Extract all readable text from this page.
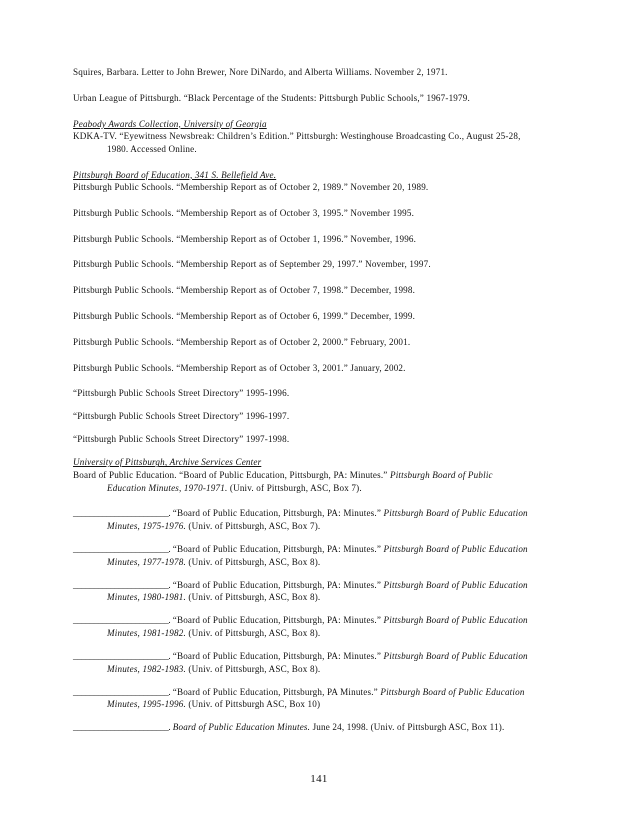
Squires, Barbara. Letter to John Brewer, Nore DiNardo, and Alberta Williams. November 2, 1971.
Urban League of Pittsburgh. “Black Percentage of the Students: Pittsburgh Public Schools,” 1967-1979.
Peabody Awards Collection, University of Georgia
KDKA-TV. “Eyewitness Newsbreak: Children’s Edition.” Pittsburgh: Westinghouse Broadcasting Co., August 25-28, 1980. Accessed Online.
Pittsburgh Board of Education, 341 S. Bellefield Ave.
Pittsburgh Public Schools. “Membership Report as of October 2, 1989.” November 20, 1989.
Pittsburgh Public Schools. “Membership Report as of October 3, 1995.” November 1995.
Pittsburgh Public Schools. “Membership Report as of October 1, 1996.” November, 1996.
Pittsburgh Public Schools. “Membership Report as of September 29, 1997.” November, 1997.
Pittsburgh Public Schools. “Membership Report as of October 7, 1998.” December, 1998.
Pittsburgh Public Schools. “Membership Report as of October 6, 1999.” December, 1999.
Pittsburgh Public Schools. “Membership Report as of October 2, 2000.” February, 2001.
Pittsburgh Public Schools. “Membership Report as of October 3, 2001.” January, 2002.
“Pittsburgh Public Schools Street Directory” 1995-1996.
“Pittsburgh Public Schools Street Directory” 1996-1997.
“Pittsburgh Public Schools Street Directory” 1997-1998.
University of Pittsburgh, Archive Services Center
Board of Public Education. “Board of Public Education, Pittsburgh, PA: Minutes.” Pittsburgh Board of Public Education Minutes, 1970-1971. (Univ. of Pittsburgh, ASC, Box 7).
_______________________. “Board of Public Education, Pittsburgh, PA: Minutes.” Pittsburgh Board of Public Education Minutes, 1975-1976. (Univ. of Pittsburgh, ASC, Box 7).
_______________________. “Board of Public Education, Pittsburgh, PA: Minutes.” Pittsburgh Board of Public Education Minutes, 1977-1978. (Univ. of Pittsburgh, ASC, Box 8).
_______________________. “Board of Public Education, Pittsburgh, PA: Minutes.” Pittsburgh Board of Public Education Minutes, 1980-1981. (Univ. of Pittsburgh, ASC, Box 8).
_______________________. “Board of Public Education, Pittsburgh, PA: Minutes.” Pittsburgh Board of Public Education Minutes, 1981-1982. (Univ. of Pittsburgh, ASC, Box 8).
_______________________. “Board of Public Education, Pittsburgh, PA: Minutes.” Pittsburgh Board of Public Education Minutes, 1982-1983. (Univ. of Pittsburgh, ASC, Box 8).
_______________________. “Board of Public Education, Pittsburgh, PA Minutes.” Pittsburgh Board of Public Education Minutes, 1995-1996. (Univ. of Pittsburgh ASC, Box 10)
_______________________. Board of Public Education Minutes. June 24, 1998. (Univ. of Pittsburgh ASC, Box 11).
141
